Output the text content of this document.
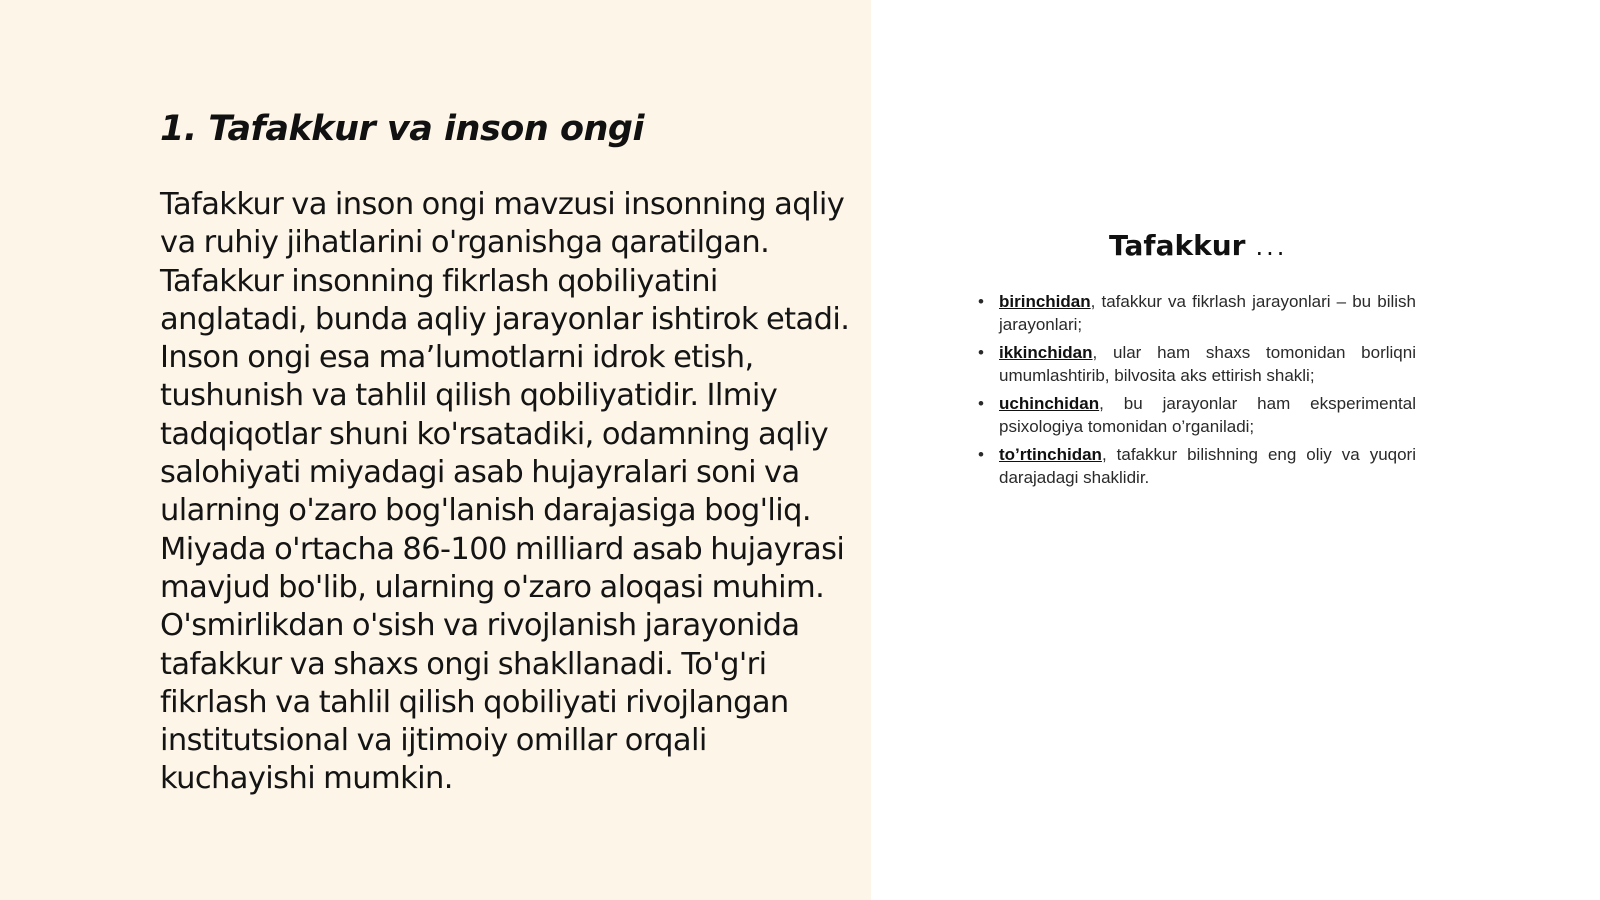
1. Tafakkur va inson ongi

Tafakkur va inson ongi mavzusi insonning aqliy va ruhiy jihatlarini o'rganishga qaratilgan. Tafakkur insonning fikrlash qobiliyatini anglatadi, bunda aqliy jarayonlar ishtirok etadi. Inson ongi esa ma’lumotlarni idrok etish, tushunish va tahlil qilish qobiliyatidir. Ilmiy tadqiqotlar shuni ko'rsatadiki, odamning aqliy salohiyati miyadagi asab hujayralari soni va ularning o'zaro bog'lanish darajasiga bog'liq. Miyada o'rtacha 86-100 milliard asab hujayrasi mavjud bo'lib, ularning o'zaro aloqasi muhim. O'smirlikdan o'sish va rivojlanish jarayonida tafakkur va shaxs ongi shakllanadi. To'g'ri fikrlash va tahlil qilish qobiliyati rivojlangan institutsional va ijtimoiy omillar orqali kuchayishi mumkin.

Tafakkur ...
• birinchidan, tafakkur va fikrlash jarayonlari – bu bilish jarayonlari;
• ikkinchidan, ular ham shaxs tomonidan borliqni umumlashtirib, bilvosita aks ettirish shakli;
• uchinchidan, bu jarayonlar ham eksperimental psixologiya tomonidan o’rganiladi;
• to’rtinchidan, tafakkur bilishning eng oliy va yuqori darajadagi shaklidir.
